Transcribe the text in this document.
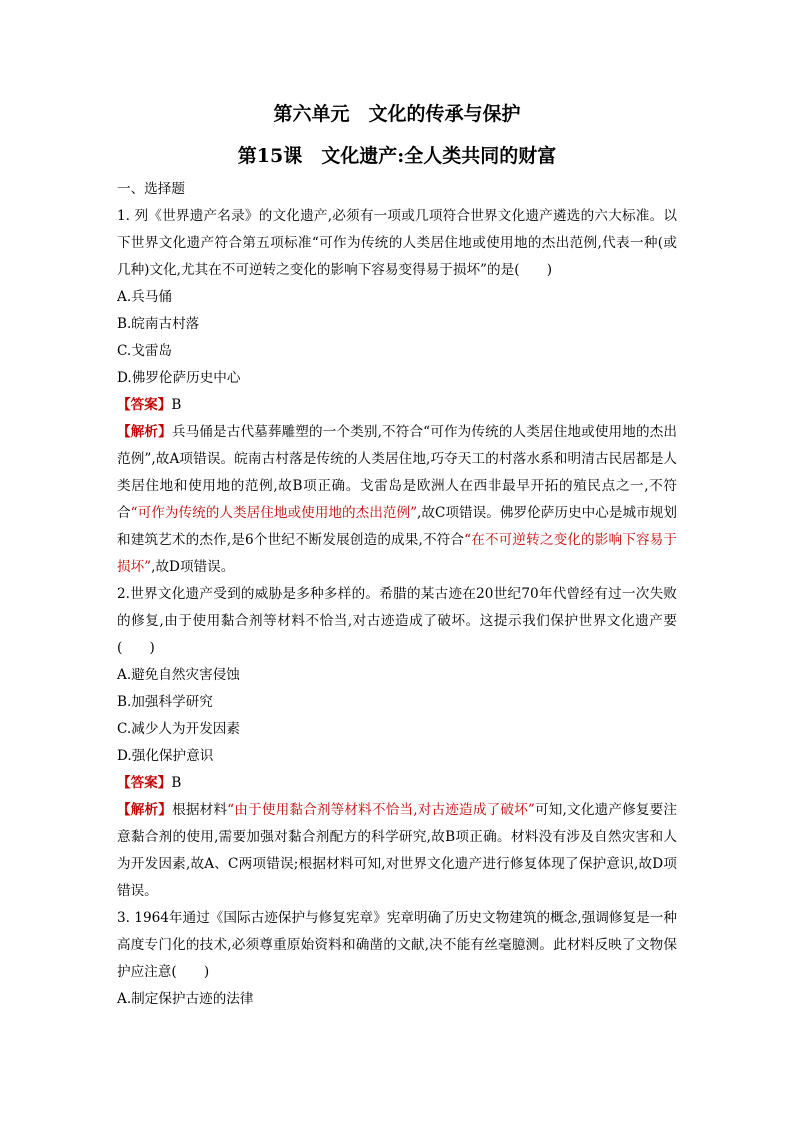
第六单元　文化的传承与保护
第15课　文化遗产:全人类共同的财富

一、选择题

1. 列《世界遗产名录》的文化遗产,必须有一项或几项符合世界文化遗产遴选的六大标准。以下世界文化遗产符合第五项标准“可作为传统的人类居住地或使用地的杰出范例,代表一种(或几种)文化,尤其在不可逆转之变化的影响下容易变得易于损坏”的是(　　)

A.兵马俑

B.皖南古村落

C.戈雷岛

D.佛罗伦萨历史中心

【答案】B

【解析】兵马俑是古代墓葬雕塑的一个类别,不符合“可作为传统的人类居住地或使用地的杰出范例”,故A项错误。皖南古村落是传统的人类居住地,巧夺天工的村落水系和明清古民居都是人类居住地和使用地的范例,故B项正确。戈雷岛是欧洲人在西非最早开拓的殖民点之一,不符合“可作为传统的人类居住地或使用地的杰出范例”,故C项错误。佛罗伦萨历史中心是城市规划和建筑艺术的杰作,是6个世纪不断发展创造的成果,不符合“在不可逆转之变化的影响下容易于损坏”,故D项错误。

2.世界文化遗产受到的威胁是多种多样的。希腊的某古迹在20世纪70年代曾经有过一次失败的修复,由于使用黏合剂等材料不恰当,对古迹造成了破坏。这提示我们保护世界文化遗产要(　　)

A.避免自然灾害侵蚀

B.加强科学研究

C.减少人为开发因素

D.强化保护意识

【答案】B

【解析】根据材料“由于使用黏合剂等材料不恰当,对古迹造成了破坏”可知,文化遗产修复要注意黏合剂的使用,需要加强对黏合剂配方的科学研究,故B项正确。材料没有涉及自然灾害和人为开发因素,故A、C两项错误;根据材料可知,对世界文化遗产进行修复体现了保护意识,故D项错误。

3. 1964年通过《国际古迹保护与修复宪章》宪章明确了历史文物建筑的概念,强调修复是一种高度专门化的技术,必须尊重原始资料和确凿的文献,决不能有丝毫臆测。此材料反映了文物保护应注意(　　)

A.制定保护古迹的法律
